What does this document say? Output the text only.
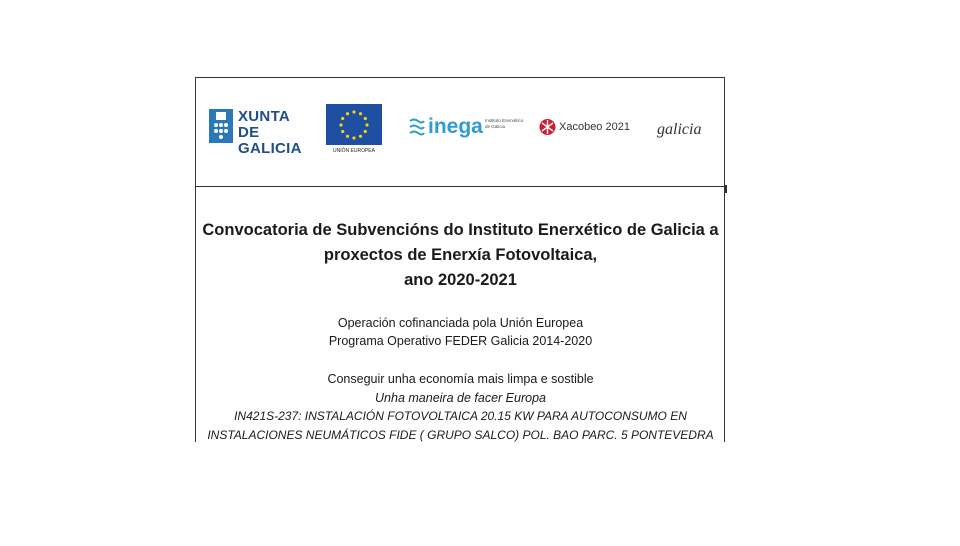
XUNTA
DE GALICIA	UNIÓN EUROPEA
inega Instituto Enerxético
de Galicia	Xacobeo 2021 galicia
Convocatoria de Subvencións do Instituto Enerxético de Galicia a
proxectos de Enerxía Fotovoltaica,
ano 2020-2021
Operación cofinanciada pola Unión Europea
Programa Operativo FEDER Galicia 2014-2020
Conseguir unha economía mais limpa e sostible
Unha maneira de facer Europa
IN421S-237: INSTALACIÓN FOTOVOLTAICA 20.15 KW PARA AUTOCONSUMO EN
INSTALACIONES NEUMÁTICOS FIDE ( GRUPO SALCO) POL. BAO PARC. 5 PONTEVEDRA
